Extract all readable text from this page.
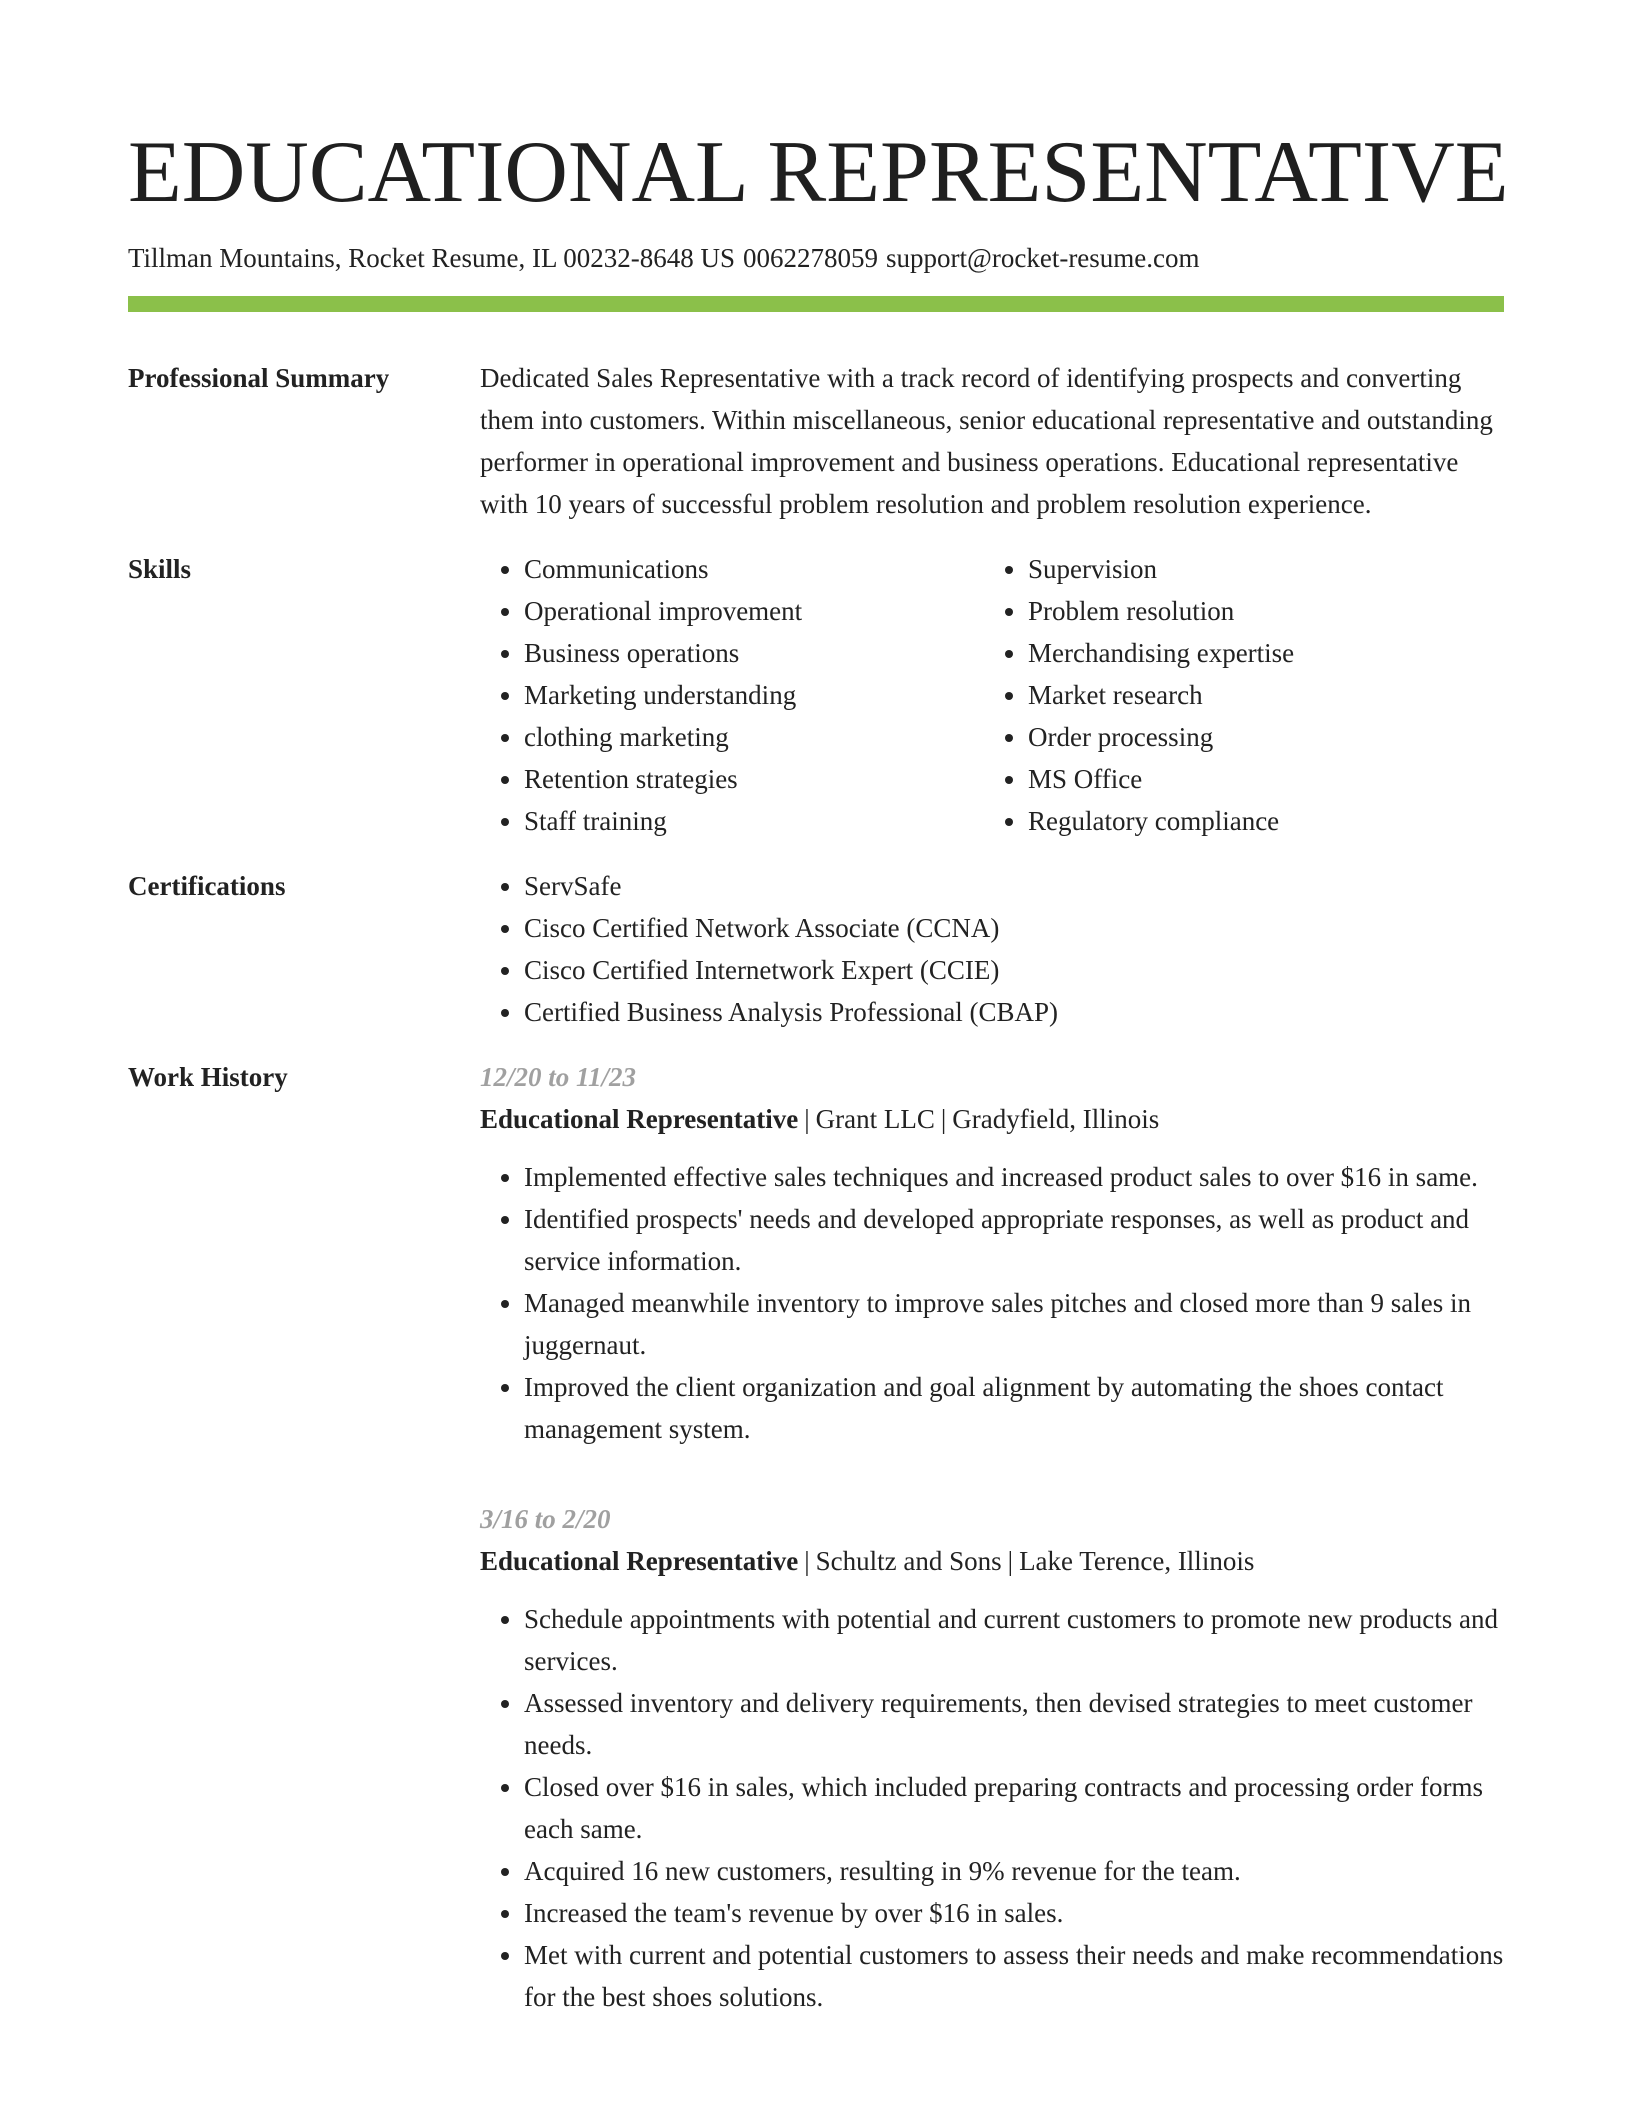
EDUCATIONAL REPRESENTATIVE
Tillman Mountains, Rocket Resume, IL 00232-8648 US 0062278059 support@rocket-resume.com
Professional Summary	Dedicated Sales Representative with a track record of identifying prospects and converting them into customers. Within miscellaneous, senior educational representative and outstanding performer in operational improvement and business operations. Educational representative with 10 years of successful problem resolution and problem resolution experience.

Skills	• Communications
• Operational improvement
• Business operations
• Marketing understanding
• clothing marketing
• Retention strategies
• Staff training
• Supervision
• Problem resolution
• Merchandising expertise
• Market research
• Order processing
• MS Office
• Regulatory compliance
Certifications	• ServSafe
• Cisco Certified Network Associate (CCNA)
• Cisco Certified Internetwork Expert (CCIE)
• Certified Business Analysis Professional (CBAP)
Work History	12/20 to 11/23
Educational Representative | Grant LLC | Gradyfield, Illinois
• Implemented effective sales techniques and increased product sales to over $16 in same.
• Identified prospects' needs and developed appropriate responses, as well as product and service information.
• Managed meanwhile inventory to improve sales pitches and closed more than 9 sales in juggernaut.
• Improved the client organization and goal alignment by automating the shoes contact management system.
3/16 to 2/20
Educational Representative | Schultz and Sons | Lake Terence, Illinois
• Schedule appointments with potential and current customers to promote new products and services.
• Assessed inventory and delivery requirements, then devised strategies to meet customer needs.
• Closed over $16 in sales, which included preparing contracts and processing order forms each same.
• Acquired 16 new customers, resulting in 9% revenue for the team.
• Increased the team's revenue by over $16 in sales.
• Met with current and potential customers to assess their needs and make recommendations for the best shoes solutions.
